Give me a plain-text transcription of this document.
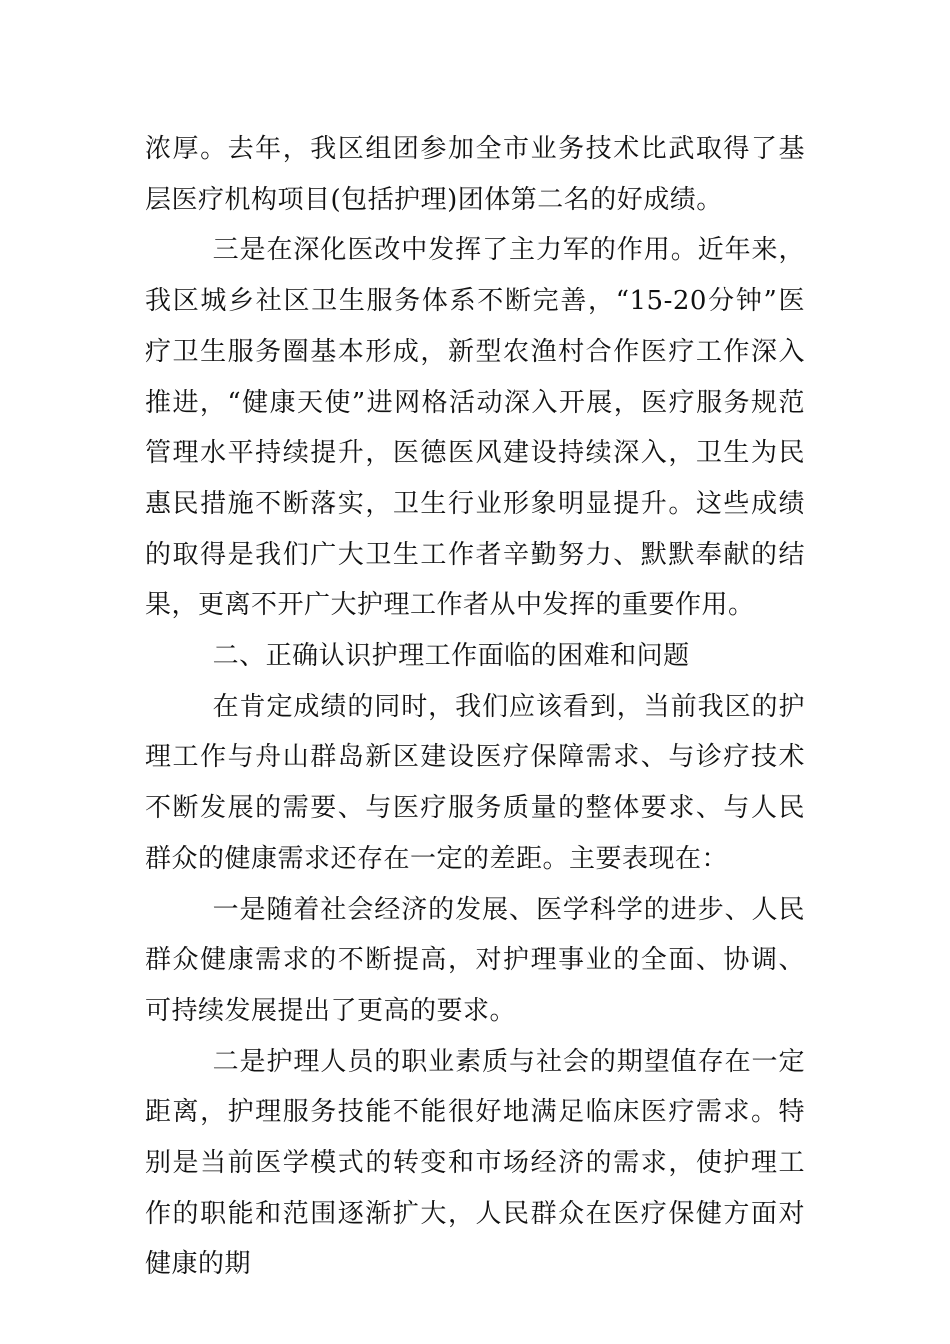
浓厚。去年，我区组团参加全市业务技术比武取得了基层医疗机构项目(包括护理)团体第二名的好成绩。

三是在深化医改中发挥了主力军的作用。近年来，我区城乡社区卫生服务体系不断完善，“15-20分钟”医疗卫生服务圈基本形成，新型农渔村合作医疗工作深入推进，“健康天使”进网格活动深入开展，医疗服务规范管理水平持续提升，医德医风建设持续深入，卫生为民惠民措施不断落实，卫生行业形象明显提升。这些成绩的取得是我们广大卫生工作者辛勤努力、默默奉献的结果，更离不开广大护理工作者从中发挥的重要作用。

二、正确认识护理工作面临的困难和问题

在肯定成绩的同时，我们应该看到，当前我区的护理工作与舟山群岛新区建设医疗保障需求、与诊疗技术不断发展的需要、与医疗服务质量的整体要求、与人民群众的健康需求还存在一定的差距。主要表现在：

一是随着社会经济的发展、医学科学的进步、人民群众健康需求的不断提高，对护理事业的全面、协调、可持续发展提出了更高的要求。

二是护理人员的职业素质与社会的期望值存在一定距离，护理服务技能不能很好地满足临床医疗需求。特别是当前医学模式的转变和市场经济的需求，使护理工作的职能和范围逐渐扩大，人民群众在医疗保健方面对健康的期
